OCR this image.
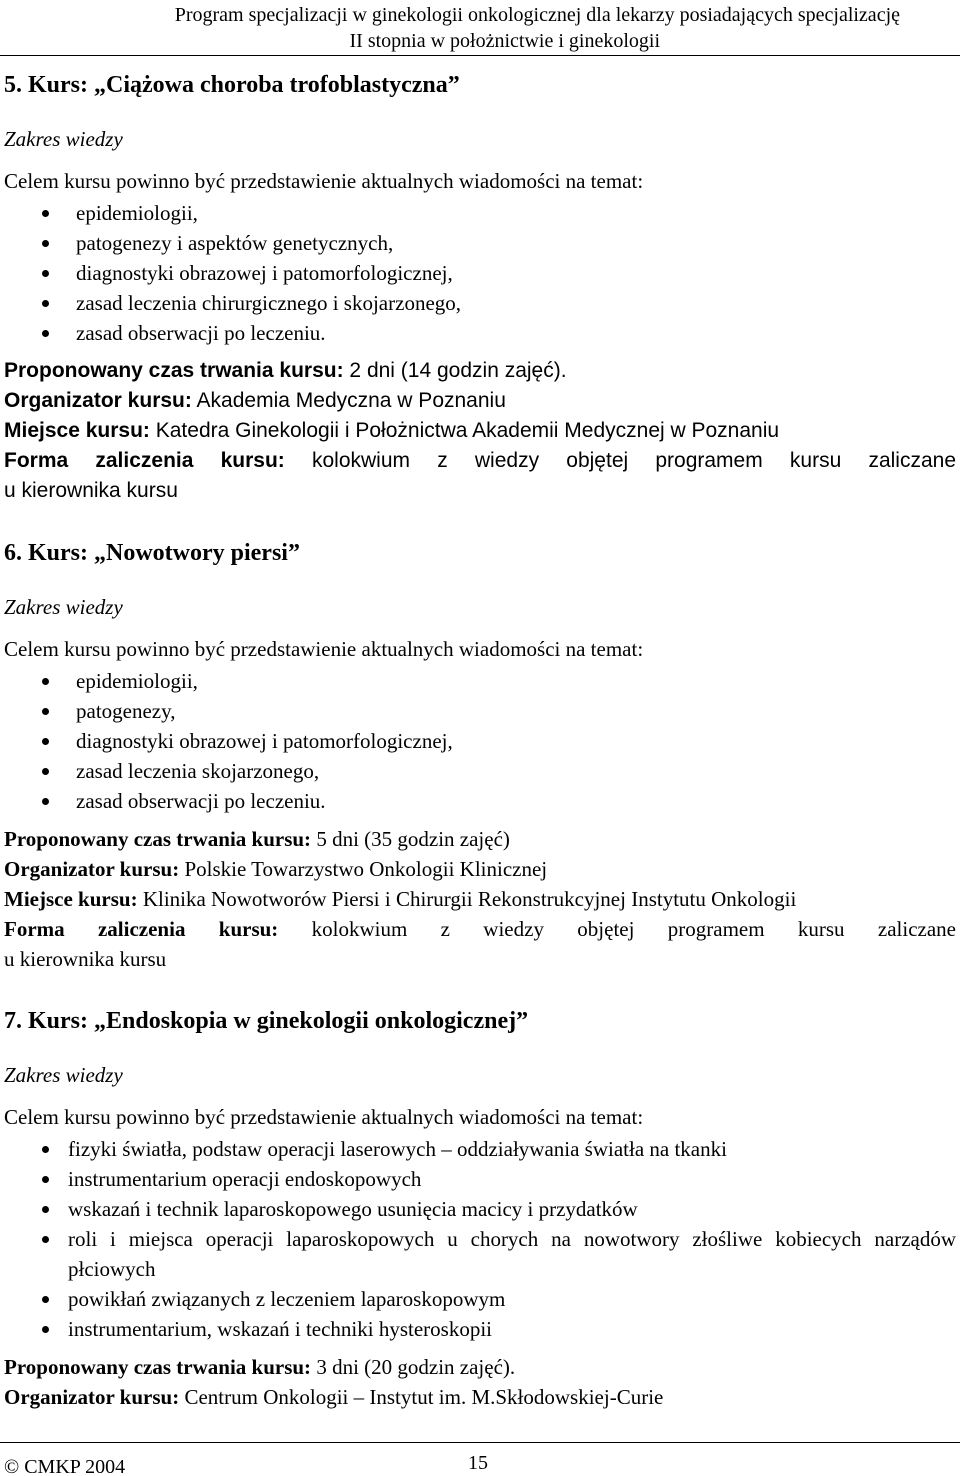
Program specjalizacji w ginekologii onkologicznej dla lekarzy posiadających specjalizację
II stopnia w położnictwie i ginekologii
5. Kurs: „Ciążowa choroba trofoblastyczna”
Zakres wiedzy
Celem kursu powinno być przedstawienie aktualnych wiadomości na temat:
epidemiologii,
patogenezy i aspektów genetycznych,
diagnostyki obrazowej i patomorfologicznej,
zasad leczenia chirurgicznego i skojarzonego,
zasad obserwacji po leczeniu.
Proponowany czas trwania kursu: 2 dni (14 godzin zajęć).
Organizator kursu: Akademia Medyczna w Poznaniu
Miejsce kursu: Katedra Ginekologii i Położnictwa Akademii Medycznej w Poznaniu
Forma zaliczenia kursu: kolokwium z wiedzy objętej programem kursu zaliczane
u kierownika kursu
6. Kurs: „Nowotwory piersi”
Zakres wiedzy
Celem kursu powinno być przedstawienie aktualnych wiadomości na temat:
epidemiologii,
patogenezy,
diagnostyki obrazowej i patomorfologicznej,
zasad leczenia skojarzonego,
zasad obserwacji po leczeniu.
Proponowany czas trwania kursu: 5 dni (35 godzin zajęć)
Organizator kursu: Polskie Towarzystwo Onkologii Klinicznej
Miejsce kursu: Klinika Nowotworów Piersi i Chirurgii Rekonstrukcyjnej Instytutu Onkologii
Forma zaliczenia kursu: kolokwium z wiedzy objętej programem kursu zaliczane
u kierownika kursu
7. Kurs: „Endoskopia w ginekologii onkologicznej”
Zakres wiedzy
Celem kursu powinno być przedstawienie aktualnych wiadomości na temat:
fizyki światła, podstaw operacji laserowych – oddziaływania światła na tkanki
instrumentarium operacji endoskopowych
wskazań i technik laparoskopowego usunięcia macicy i przydatków
roli i miejsca operacji laparoskopowych u chorych na nowotwory złośliwe kobiecych narządów płciowych
powikłań związanych z leczeniem laparoskopowym
instrumentarium, wskazań i techniki hysteroskopii
Proponowany czas trwania kursu: 3 dni (20 godzin zajęć).
Organizator kursu: Centrum Onkologii – Instytut im. M.Skłodowskiej-Curie
© CMKP 2004	15
